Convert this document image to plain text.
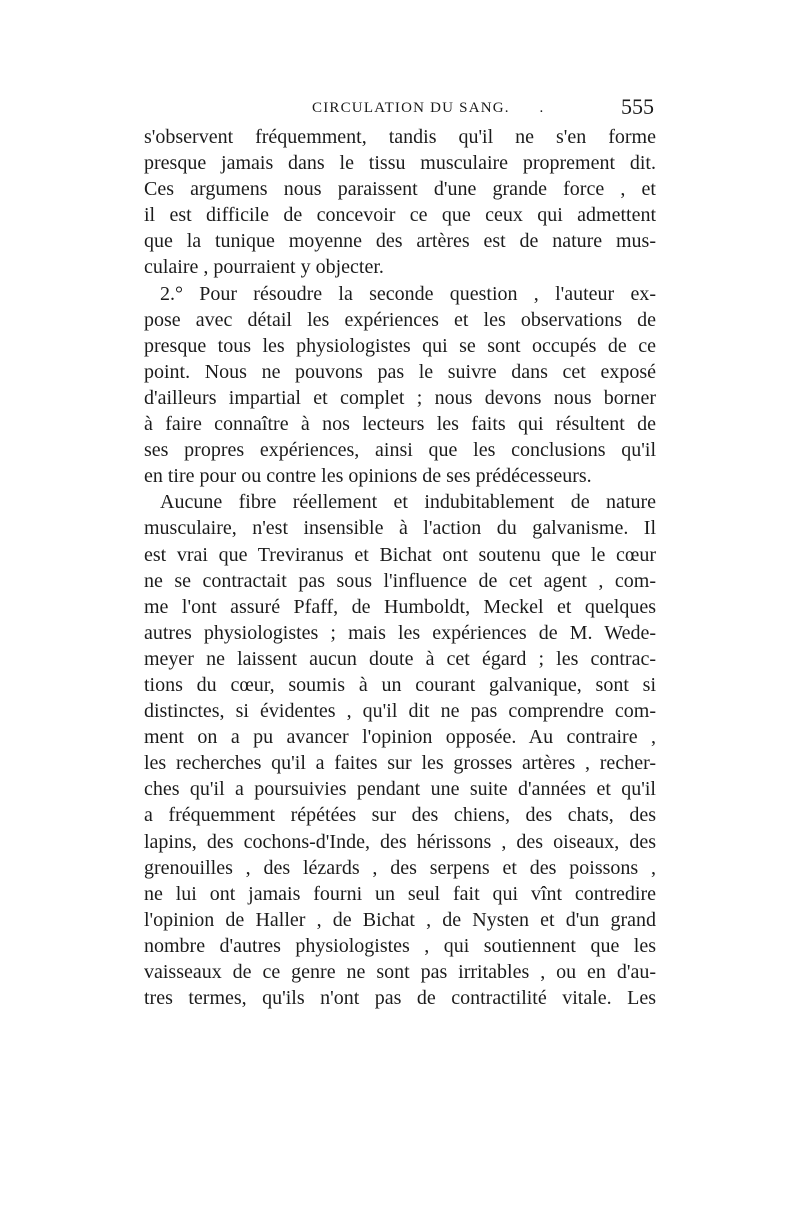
CIRCULATION DU SANG. .	555
s'observent fréquemment, tandis qu'il ne s'en forme
presque jamais dans le tissu musculaire proprement dit.
Ces argumens nous paraissent d'une grande force , et
il est difficile de concevoir ce que ceux qui admettent
que la tunique moyenne des artères est de nature mus-
culaire , pourraient y objecter.
2.° Pour résoudre la seconde question , l'auteur ex-
pose avec détail les expériences et les observations de
presque tous les physiologistes qui se sont occupés de ce
point. Nous ne pouvons pas le suivre dans cet exposé
d'ailleurs impartial et complet ; nous devons nous borner
à faire connaître à nos lecteurs les faits qui résultent de
ses propres expériences, ainsi que les conclusions qu'il
en tire pour ou contre les opinions de ses prédécesseurs.
Aucune fibre réellement et indubitablement de nature
musculaire, n'est insensible à l'action du galvanisme. Il
est vrai que Treviranus et Bichat ont soutenu que le cœur
ne se contractait pas sous l'influence de cet agent , com-
me l'ont assuré Pfaff, de Humboldt, Meckel et quelques
autres physiologistes ; mais les expériences de M. Wede-
meyer ne laissent aucun doute à cet égard ; les contrac-
tions du cœur, soumis à un courant galvanique, sont si
distinctes, si évidentes , qu'il dit ne pas comprendre com-
ment on a pu avancer l'opinion opposée. Au contraire ,
les recherches qu'il a faites sur les grosses artères , recher-
ches qu'il a poursuivies pendant une suite d'années et qu'il
a fréquemment répétées sur des chiens, des chats, des
lapins, des cochons-d'Inde, des hérissons , des oiseaux, des
grenouilles , des lézards , des serpens et des poissons ,
ne lui ont jamais fourni un seul fait qui vînt contredire
l'opinion de Haller , de Bichat , de Nysten et d'un grand
nombre d'autres physiologistes , qui soutiennent que les
vaisseaux de ce genre ne sont pas irritables , ou en d'au-
tres termes, qu'ils n'ont pas de contractilité vitale. Les
